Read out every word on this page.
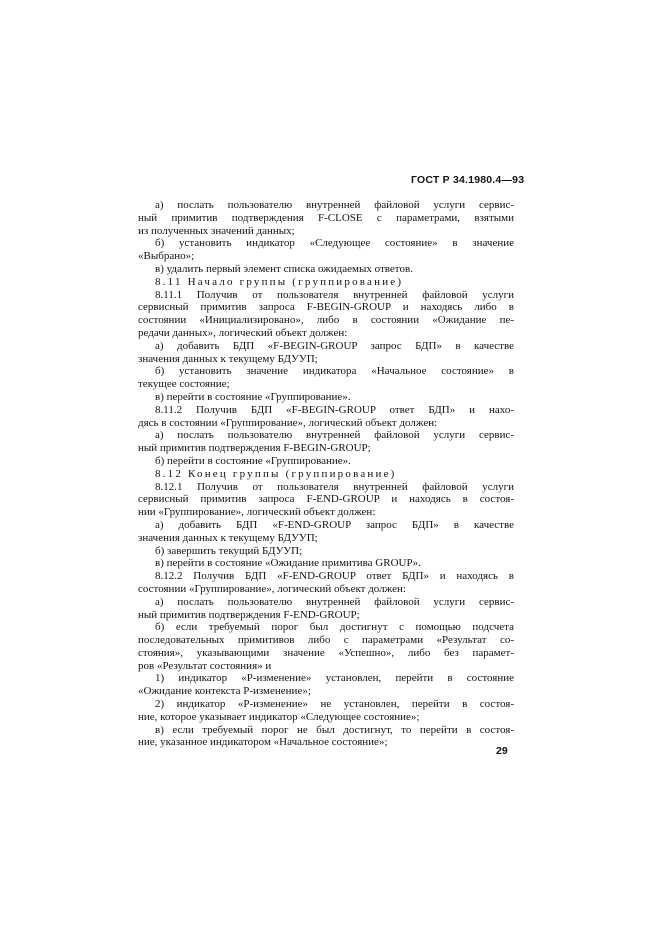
ГОСТ Р 34.1980.4—93
а) послать пользователю внутренней файловой услуги сервис-
ный примитив подтверждения F-CLOSE с параметрами, взятыми
из полученных значений данных;
б) установить индикатор «Следующее состояние» в значение
«Выбрано»;
в) удалить первый элемент списка ожидаемых ответов.
8.11 Начало группы (группирование)
8.11.1 Получив от пользователя внутренней файловой услуги
сервисный примитив запроса F-BEGIN-GROUP и находясь либо в
состоянии «Инициализировано», либо в состоянии «Ожидание пе-
редачи данных», логический объект должен:
а) добавить БДП «F-BEGIN-GROUP запрос БДП» в качестве
значения данных к текущему БДУУП;
б) установить значение индикатора «Начальное состояние» в
текущее состояние;
в) перейти в состояние «Группирование».
8.11.2 Получив БДП «F-BEGIN-GROUP ответ БДП» и нахо-
дясь в состоянии «Группирование», логический объект должен:
а) послать пользователю внутренней файловой услуги сервис-
ный примитив подтверждения F-BEGIN-GROUP;
б) перейти в состояние «Группирование».
8.12 Конец группы (группирование)
8.12.1 Получив от пользователя внутренней файловой услуги
сервисный примитив запроса F-END-GROUP и находясь в состоя-
нии «Группирование», логический объект должен:
а) добавить БДП «F-END-GROUP запрос БДП» в качестве
значения данных к текущему БДУУП;
б) завершить текущий БДУУП;
в) перейти в состояние «Ожидание примитива GROUP».
8.12.2 Получив БДП «F-END-GROUP ответ БДП» и находясь в
состоянии «Группирование», логический объект должен:
а) послать пользователю внутренней файловой услуги сервис-
ный примитив подтверждения F-END-GROUP;
б) если требуемый порог был достигнут с помощью подсчета
последовательных примитивов либо с параметрами «Результат со-
стояния», указывающими значение «Успешно», либо без парамет-
ров «Результат состояния» и
1) индикатор «Р-изменение» установлен, перейти в состояние
«Ожидание контекста Р-изменение»;
2) индикатор «Р-изменение» не установлен, перейти в состоя-
ние, которое указывает индикатор «Следующее состояние»;
в) если требуемый порог не был достигнут, то перейти в состоя-
ние, указанное индикатором «Начальное состояние»;
29
